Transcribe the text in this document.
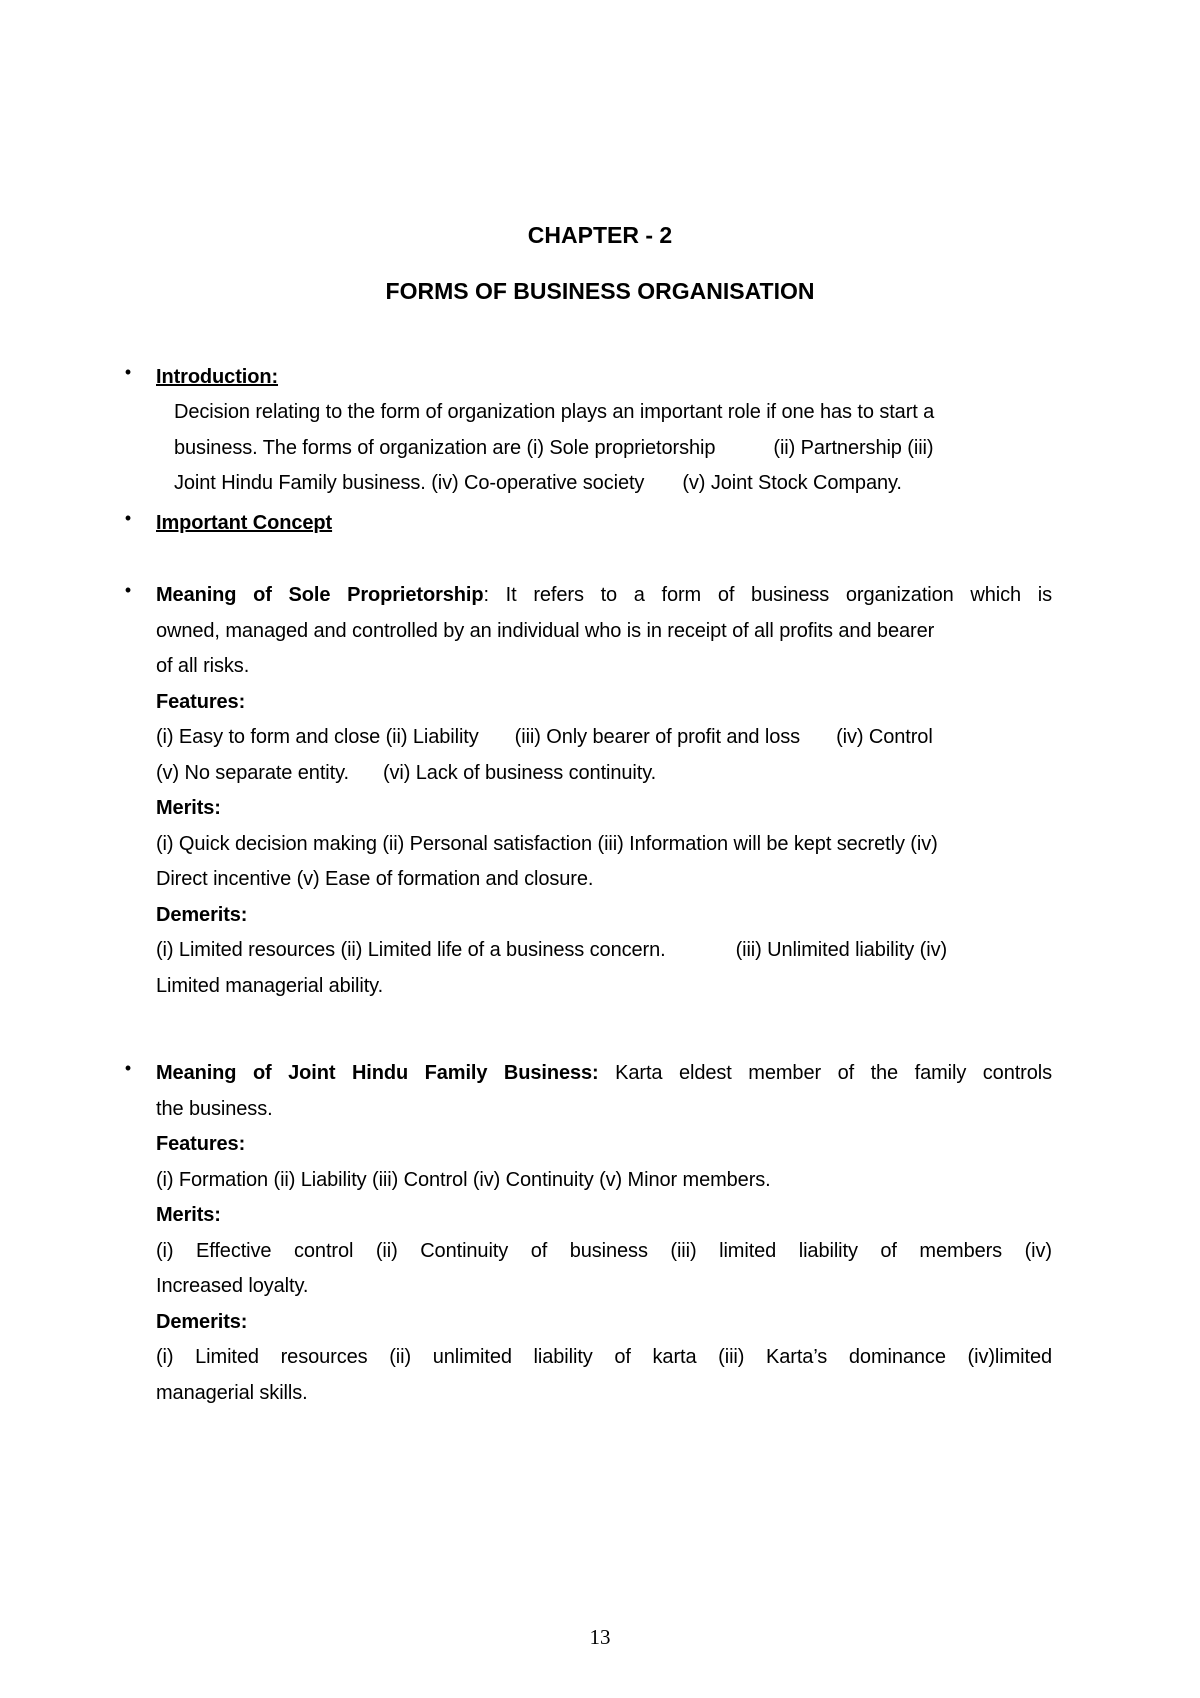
CHAPTER - 2
FORMS OF BUSINESS ORGANISATION
•	Introduction:
Decision relating to the form of organization plays an important role if one has to start a
business. The forms of organization are (i) Sole proprietorship	(ii) Partnership (iii)
Joint Hindu Family business. (iv) Co-operative society (v) Joint Stock Company.
•	Important Concept
•	Meaning of Sole Proprietorship: It refers to a form of business organization which is
owned, managed and controlled by an individual who is in receipt of all profits and bearer
of all risks.
Features:
(i) Easy to form and close (ii) Liability (iii) Only bearer of profit and loss (iv) Control
(v) No separate entity. (vi) Lack of business continuity.
Merits:
(i) Quick decision making (ii) Personal satisfaction (iii) Information will be kept secretly (iv)
Direct incentive (v) Ease of formation and closure.
Demerits:
(i) Limited resources (ii) Limited life of a business concern.	(iii) Unlimited liability (iv)
Limited managerial ability.
•	Meaning of Joint Hindu Family Business: Karta eldest member of the family controls
the business.
Features:
(i) Formation (ii) Liability (iii) Control (iv) Continuity (v) Minor members.
Merits:
(i) Effective control (ii) Continuity of business (iii) limited liability of members (iv)
Increased loyalty.
Demerits:
(i) Limited resources (ii) unlimited liability of karta (iii) Karta’s dominance (iv)limited
managerial skills.
13
